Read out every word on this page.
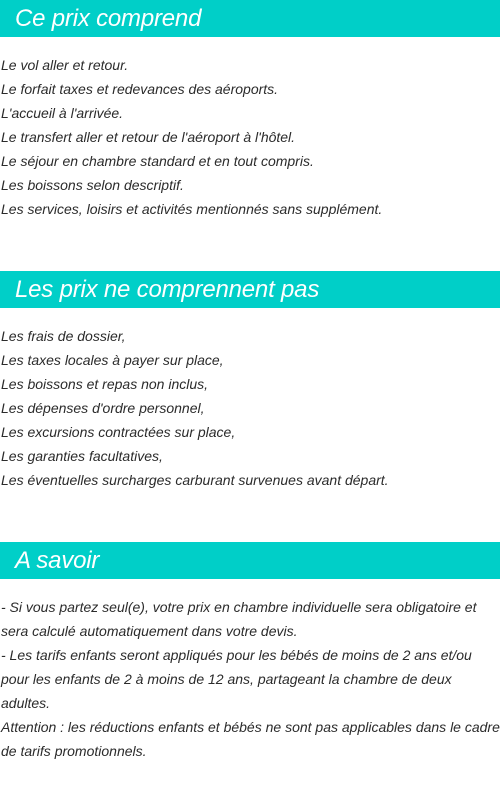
Ce prix comprend
Le vol aller et retour.
Le forfait taxes et redevances des aéroports.
L'accueil à l'arrivée.
Le transfert aller et retour de l'aéroport à l'hôtel.
Le séjour en chambre standard et en tout compris.
Les boissons selon descriptif.
Les services, loisirs et activités mentionnés sans supplément.
Les prix ne comprennent pas
Les frais de dossier,
Les taxes locales à payer sur place,
Les boissons et repas non inclus,
Les dépenses d'ordre personnel,
Les excursions contractées sur place,
Les garanties facultatives,
Les éventuelles surcharges carburant survenues avant départ.
A savoir
- Si vous partez seul(e), votre prix en chambre individuelle sera obligatoire et sera calculé automatiquement dans votre devis.
- Les tarifs enfants seront appliqués pour les bébés de moins de 2 ans et/ou pour les enfants de 2 à moins de 12 ans, partageant la chambre de deux adultes.
Attention : les réductions enfants et bébés ne sont pas applicables dans le cadre de tarifs promotionnels.
